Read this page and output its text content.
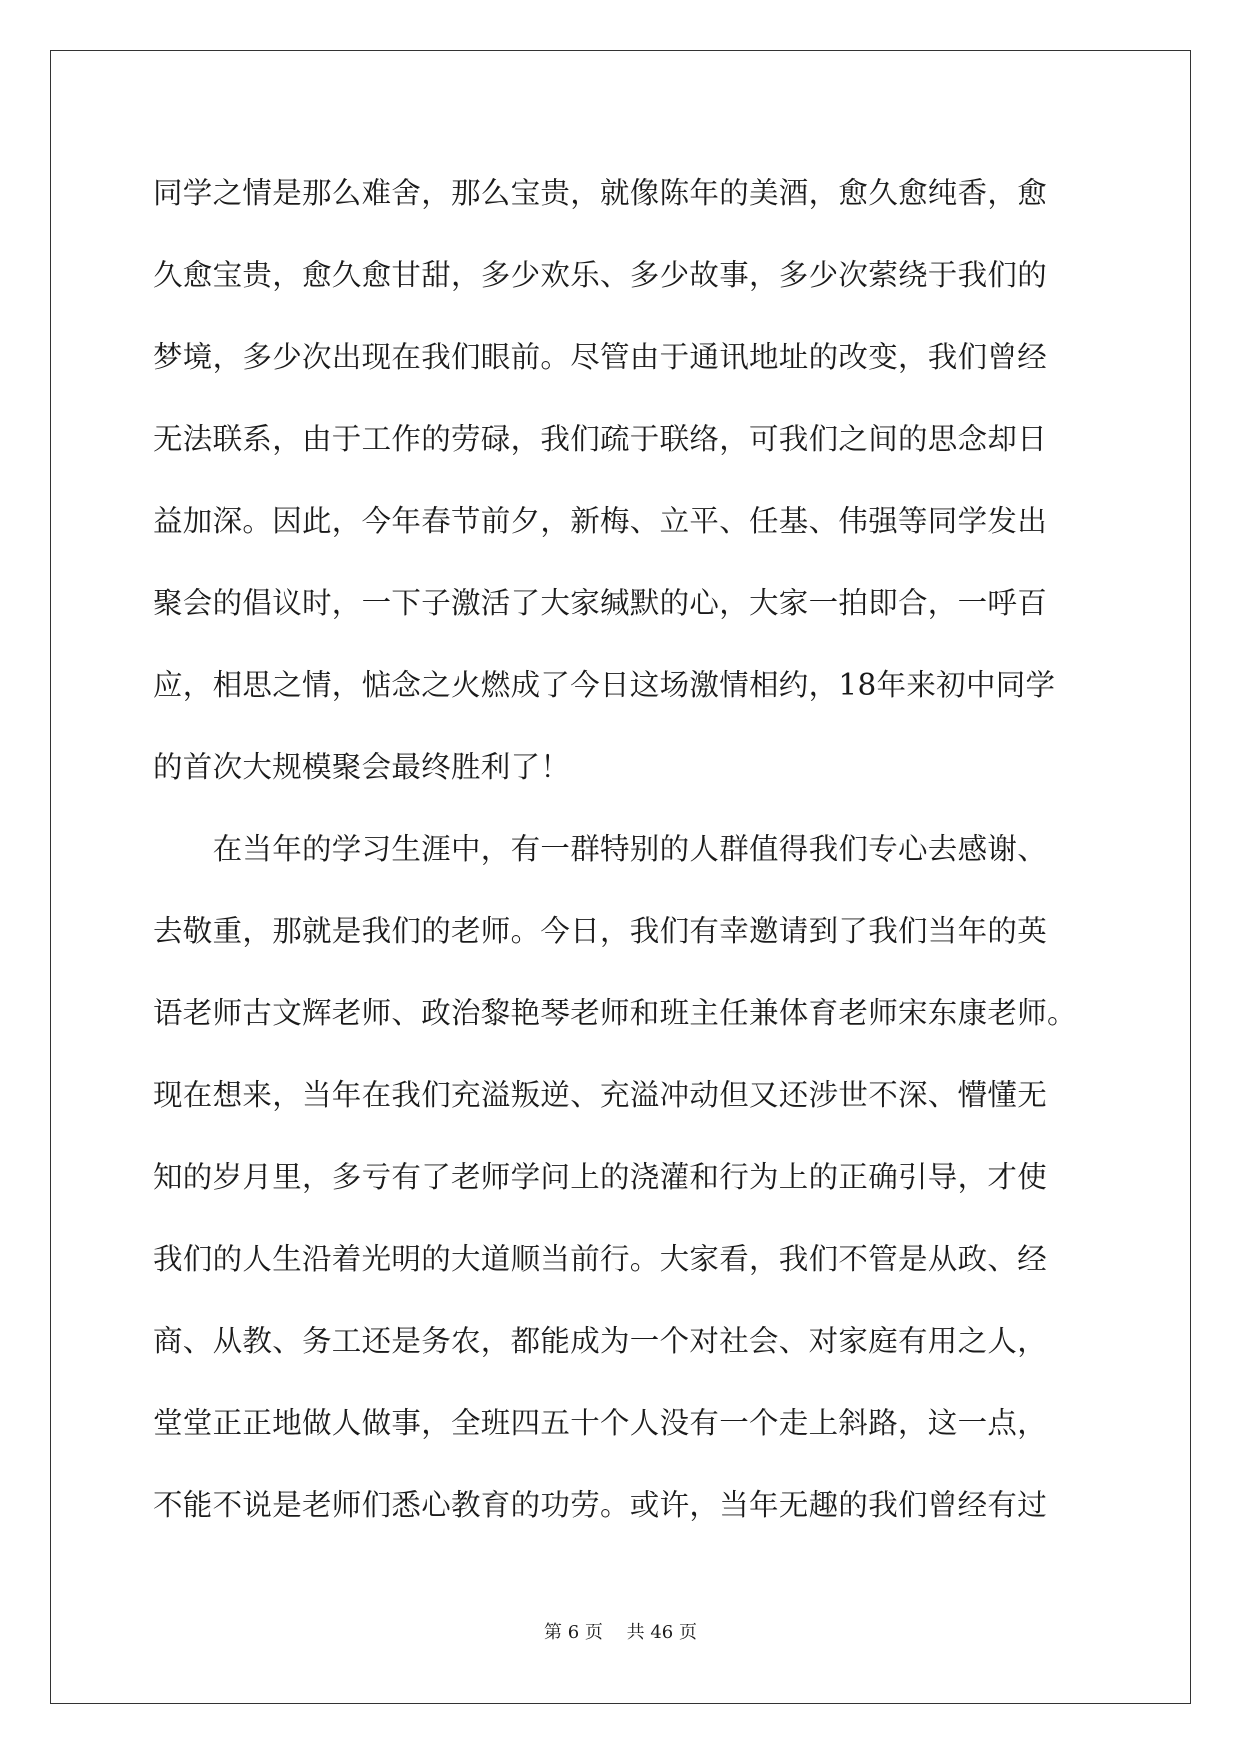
同学之情是那么难舍，那么宝贵，就像陈年的美酒，愈久愈纯香，愈
久愈宝贵，愈久愈甘甜，多少欢乐、多少故事，多少次萦绕于我们的
梦境，多少次出现在我们眼前。尽管由于通讯地址的改变，我们曾经
无法联系，由于工作的劳碌，我们疏于联络，可我们之间的思念却日
益加深。因此，今年春节前夕，新梅、立平、任基、伟强等同学发出
聚会的倡议时，一下子激活了大家缄默的心，大家一拍即合，一呼百
应，相思之情，惦念之火燃成了今日这场激情相约，18年来初中同学
的首次大规模聚会最终胜利了！
　　在当年的学习生涯中，有一群特别的人群值得我们专心去感谢、
去敬重，那就是我们的老师。今日，我们有幸邀请到了我们当年的英
语老师古文辉老师、政治黎艳琴老师和班主任兼体育老师宋东康老师。
现在想来，当年在我们充溢叛逆、充溢冲动但又还涉世不深、懵懂无
知的岁月里，多亏有了老师学问上的浇灌和行为上的正确引导，才使
我们的人生沿着光明的大道顺当前行。大家看，我们不管是从政、经
商、从教、务工还是务农，都能成为一个对社会、对家庭有用之人，
堂堂正正地做人做事，全班四五十个人没有一个走上斜路，这一点，
不能不说是老师们悉心教育的功劳。或许，当年无趣的我们曾经有过
第 6 页　 共 46 页
